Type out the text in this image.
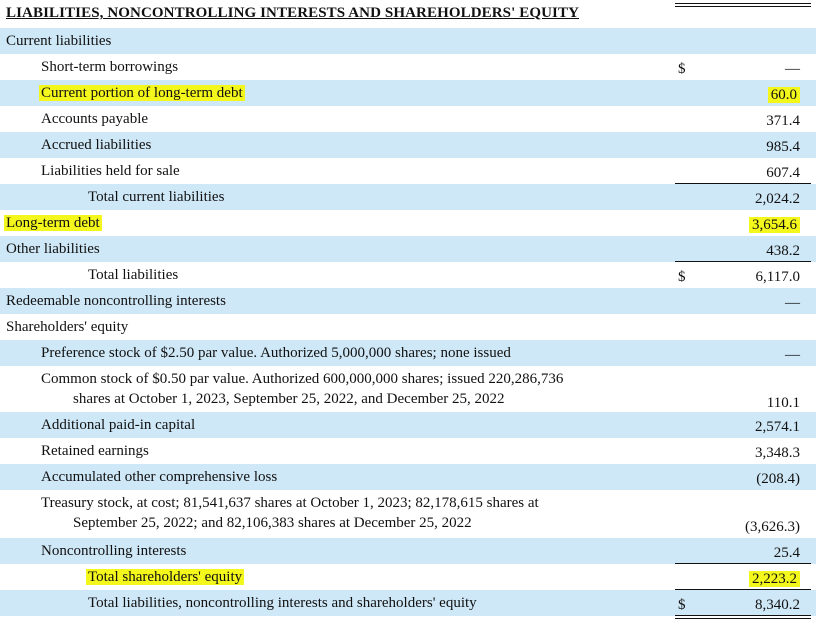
LIABILITIES, NONCONTROLLING INTERESTS AND SHAREHOLDERS' EQUITY
Current liabilities
Short-term borrowings	$	—
Current portion of long-term debt	60.0
Accounts payable	371.4
Accrued liabilities	985.4
Liabilities held for sale	607.4
Total current liabilities	2,024.2
Long-term debt	3,654.6
Other liabilities	438.2
Total liabilities	$	6,117.0
Redeemable noncontrolling interests	—
Shareholders' equity
Preference stock of $2.50 par value. Authorized 5,000,000 shares; none issued	—
Common stock of $0.50 par value. Authorized 600,000,000 shares; issued 220,286,736
shares at October 1, 2023, September 25, 2022, and December 25, 2022	110.1
Additional paid-in capital	2,574.1
Retained earnings	3,348.3
Accumulated other comprehensive loss	(208.4)
Treasury stock, at cost; 81,541,637 shares at October 1, 2023; 82,178,615 shares at
September 25, 2022; and 82,106,383 shares at December 25, 2022	(3,626.3)
Noncontrolling interests	25.4
Total shareholders' equity	2,223.2
Total liabilities, noncontrolling interests and shareholders' equity	$	8,340.2
